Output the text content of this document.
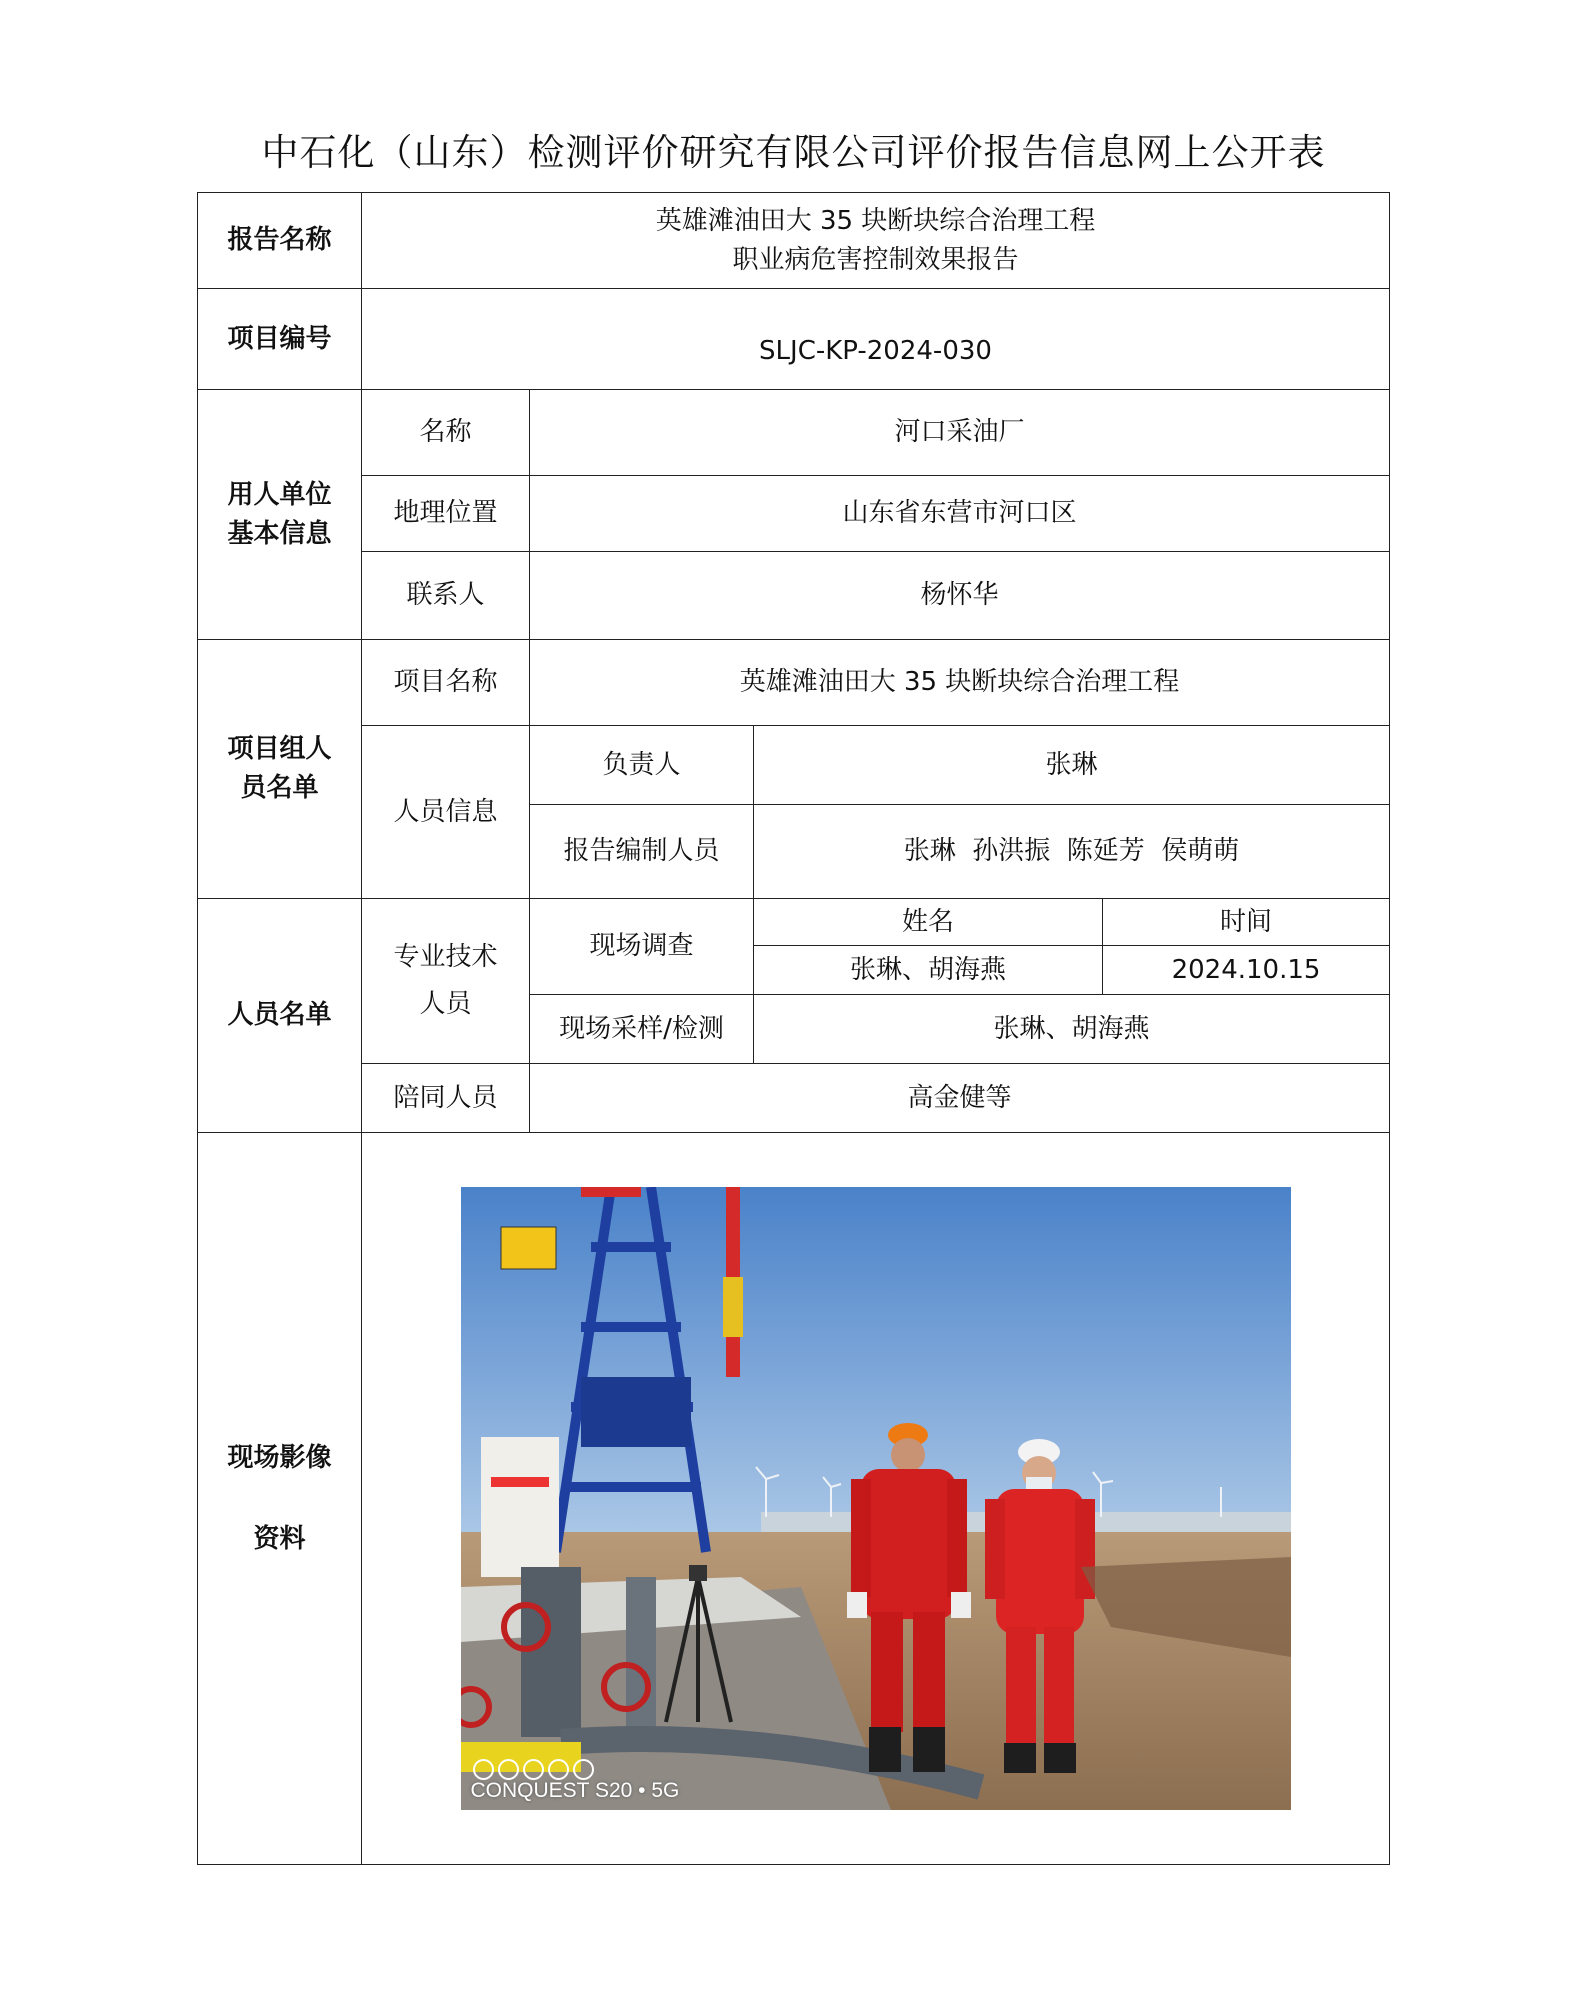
中石化（山东）检测评价研究有限公司评价报告信息网上公开表
报告名称	英雄滩油田大 35 块断块综合治理工程
职业病危害控制效果报告			

项目编号	SLJC-KP-2024-030			

用人单位基本信息	名称	河口采油厂		
	地理位置	山东省东营市河口区		
	联系人	杨怀华		

项目组人员名单	项目名称	英雄滩油田大 35 块断块综合治理工程		
	人员信息	负责人	张琳	
		报告编制人员	张琳  孙洪振  陈延芳  侯萌萌	
人员名单	专业技术人员	现场调查	姓名	时间
			张琳、胡海燕	2024.10.15
		现场采样/检测	张琳、胡海燕	
	陪同人员	高金健等		

现场影像
资料	CONQUEST S20 • 5G			
